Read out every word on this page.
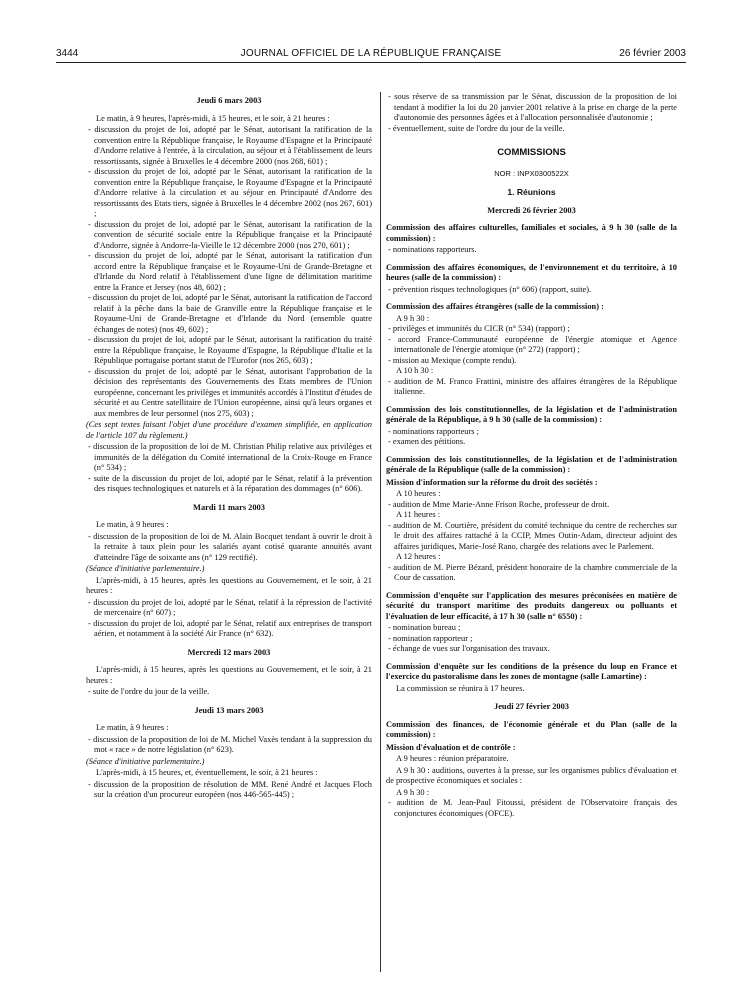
3444	JOURNAL OFFICIEL DE LA RÉPUBLIQUE FRANÇAISE	26 février 2003
Jeudi 6 mars 2003
Le matin, à 9 heures, l'après-midi, à 15 heures, et le soir, à 21 heures :
- discussion du projet de loi, adopté par le Sénat, autorisant la ratification de la convention entre la République française, le Royaume d'Espagne et la Principauté d'Andorre relative à l'entrée, à la circulation, au séjour et à l'établissement de leurs ressortissants, signée à Bruxelles le 4 décembre 2000 (nos 268, 601) ;
- discussion du projet de loi, adopté par le Sénat, autorisant la ratification de la convention entre la République française, le Royaume d'Espagne et la Principauté d'Andorre relative à la circulation et au séjour en Principauté d'Andorre des ressortissants des Etats tiers, signée à Bruxelles le 4 décembre 2002 (nos 267, 601) ;
- discussion du projet de loi, adopté par le Sénat, autorisant la ratification de la convention de sécurité sociale entre la République française et la Principauté d'Andorre, signée à Andorre-la-Vieille le 12 décembre 2000 (nos 270, 601) ;
- discussion du projet de loi, adopté par le Sénat, autorisant la ratification d'un accord entre la République française et le Royaume-Uni de Grande-Bretagne et d'Irlande du Nord relatif à l'établissement d'une ligne de délimitation maritime entre la France et Jersey (nos 48, 602) ;
- discussion du projet de loi, adopté par le Sénat, autorisant la ratification de l'accord relatif à la pêche dans la baie de Granville entre la République française et le Royaume-Uni de Grande-Bretagne et d'Irlande du Nord (ensemble quatre échanges de notes) (nos 49, 602) ;
- discussion du projet de loi, adopté par le Sénat, autorisant la ratification du traité entre la République française, le Royaume d'Espagne, la République d'Italie et la République portugaise portant statut de l'Eurofor (nos 265, 603) ;
- discussion du projet de loi, adopté par le Sénat, autorisant l'approbation de la décision des représentants des Gouvernements des Etats membres de l'Union européenne, concernant les privilèges et immunités accordés à l'Institut d'études de sécurité et au Centre satellitaire de l'Union européenne, ainsi qu'à leurs organes et aux membres de leur personnel (nos 275, 603) ;
(Ces sept textes faisant l'objet d'une procédure d'examen simplifiée, en application de l'article 107 du règlement.)
- discussion de la proposition de loi de M. Christian Philip relative aux privilèges et immunités de la délégation du Comité international de la Croix-Rouge en France (n° 534) ;
- suite de la discussion du projet de loi, adopté par le Sénat, relatif à la prévention des risques technologiques et naturels et à la réparation des dommages (n° 606).
Mardi 11 mars 2003
Le matin, à 9 heures :
- discussion de la proposition de loi de M. Alain Bocquet tendant à ouvrir le droit à la retraite à taux plein pour les salariés ayant cotisé quarante annuités avant d'atteindre l'âge de soixante ans (n° 129 rectifié).
(Séance d'initiative parlementaire.)
L'après-midi, à 15 heures, après les questions au Gouvernement, et le soir, à 21 heures :
- discussion du projet de loi, adopté par le Sénat, relatif à la répression de l'activité de mercenaire (n° 607) ;
- discussion du projet de loi, adopté par le Sénat, relatif aux entreprises de transport aérien, et notamment à la société Air France (n° 632).
Mercredi 12 mars 2003
L'après-midi, à 15 heures, après les questions au Gouvernement, et le soir, à 21 heures :
- suite de l'ordre du jour de la veille.
Jeudi 13 mars 2003
Le matin, à 9 heures :
- discussion de la proposition de loi de M. Michel Vaxès tendant à la suppression du mot « race » de notre législation (n° 623).
(Séance d'initiative parlementaire.)
L'après-midi, à 15 heures, et, éventuellement, le soir, à 21 heures :
- discussion de la proposition de résolution de MM. René André et Jacques Floch sur la création d'un procureur européen (nos 446-565-445) ;
- sous réserve de sa transmission par le Sénat, discussion de la proposition de loi tendant à modifier la loi du 20 janvier 2001 relative à la prise en charge de la perte d'autonomie des personnes âgées et à l'allocation personnalisée d'autonomie ;
- éventuellement, suite de l'ordre du jour de la veille.
COMMISSIONS
NOR : INPX0300522X
1. Réunions
Mercredi 26 février 2003
Commission des affaires culturelles, familiales et sociales, à 9 h 30 (salle de la commission) :
- nominations rapporteurs.
Commission des affaires économiques, de l'environnement et du territoire, à 10 heures (salle de la commission) :
- prévention risques technologiques (n° 606) (rapport, suite).
Commission des affaires étrangères (salle de la commission) :
A 9 h 30 :
- privilèges et immunités du CICR (n° 534) (rapport) ;
- accord France-Communauté européenne de l'énergie atomique et Agence internationale de l'énergie atomique (n° 272) (rapport) ;
- mission au Mexique (compte rendu).
A 10 h 30 :
- audition de M. Franco Frattini, ministre des affaires étrangères de la République italienne.
Commission des lois constitutionnelles, de la législation et de l'administration générale de la République, à 9 h 30 (salle de la commission) :
- nominations rapporteurs ;
- examen des pétitions.
Commission des lois constitutionnelles, de la législation et de l'administration générale de la République (salle de la commission) :
Mission d'information sur la réforme du droit des sociétés :
A 10 heures :
- audition de Mme Marie-Anne Frison Roche, professeur de droit.
A 11 heures :
- audition de M. Courtière, président du comité technique du centre de recherches sur le droit des affaires rattaché à la CCIP, Mmes Outin-Adam, directeur adjoint des affaires juridiques, Marie-José Rano, chargée des relations avec le Parlement.
A 12 heures :
- audition de M. Pierre Bézard, président honoraire de la chambre commerciale de la Cour de cassation.
Commission d'enquête sur l'application des mesures préconisées en matière de sécurité du transport maritime des produits dangereux ou polluants et l'évaluation de leur efficacité, à 17 h 30 (salle n° 6550) :
- nomination bureau ;
- nomination rapporteur ;
- échange de vues sur l'organisation des travaux.
Commission d'enquête sur les conditions de la présence du loup en France et l'exercice du pastoralisme dans les zones de montagne (salle Lamartine) :
La commission se réunira à 17 heures.
Jeudi 27 février 2003
Commission des finances, de l'économie générale et du Plan (salle de la commission) :
Mission d'évaluation et de contrôle :
A 9 heures : réunion préparatoire.
A 9 h 30 : auditions, ouvertes à la presse, sur les organismes publics d'évaluation et de prospective économiques et sociales :
A 9 h 30 :
- audition de M. Jean-Paul Fitoussi, président de l'Observatoire français des conjonctures économiques (OFCE).
